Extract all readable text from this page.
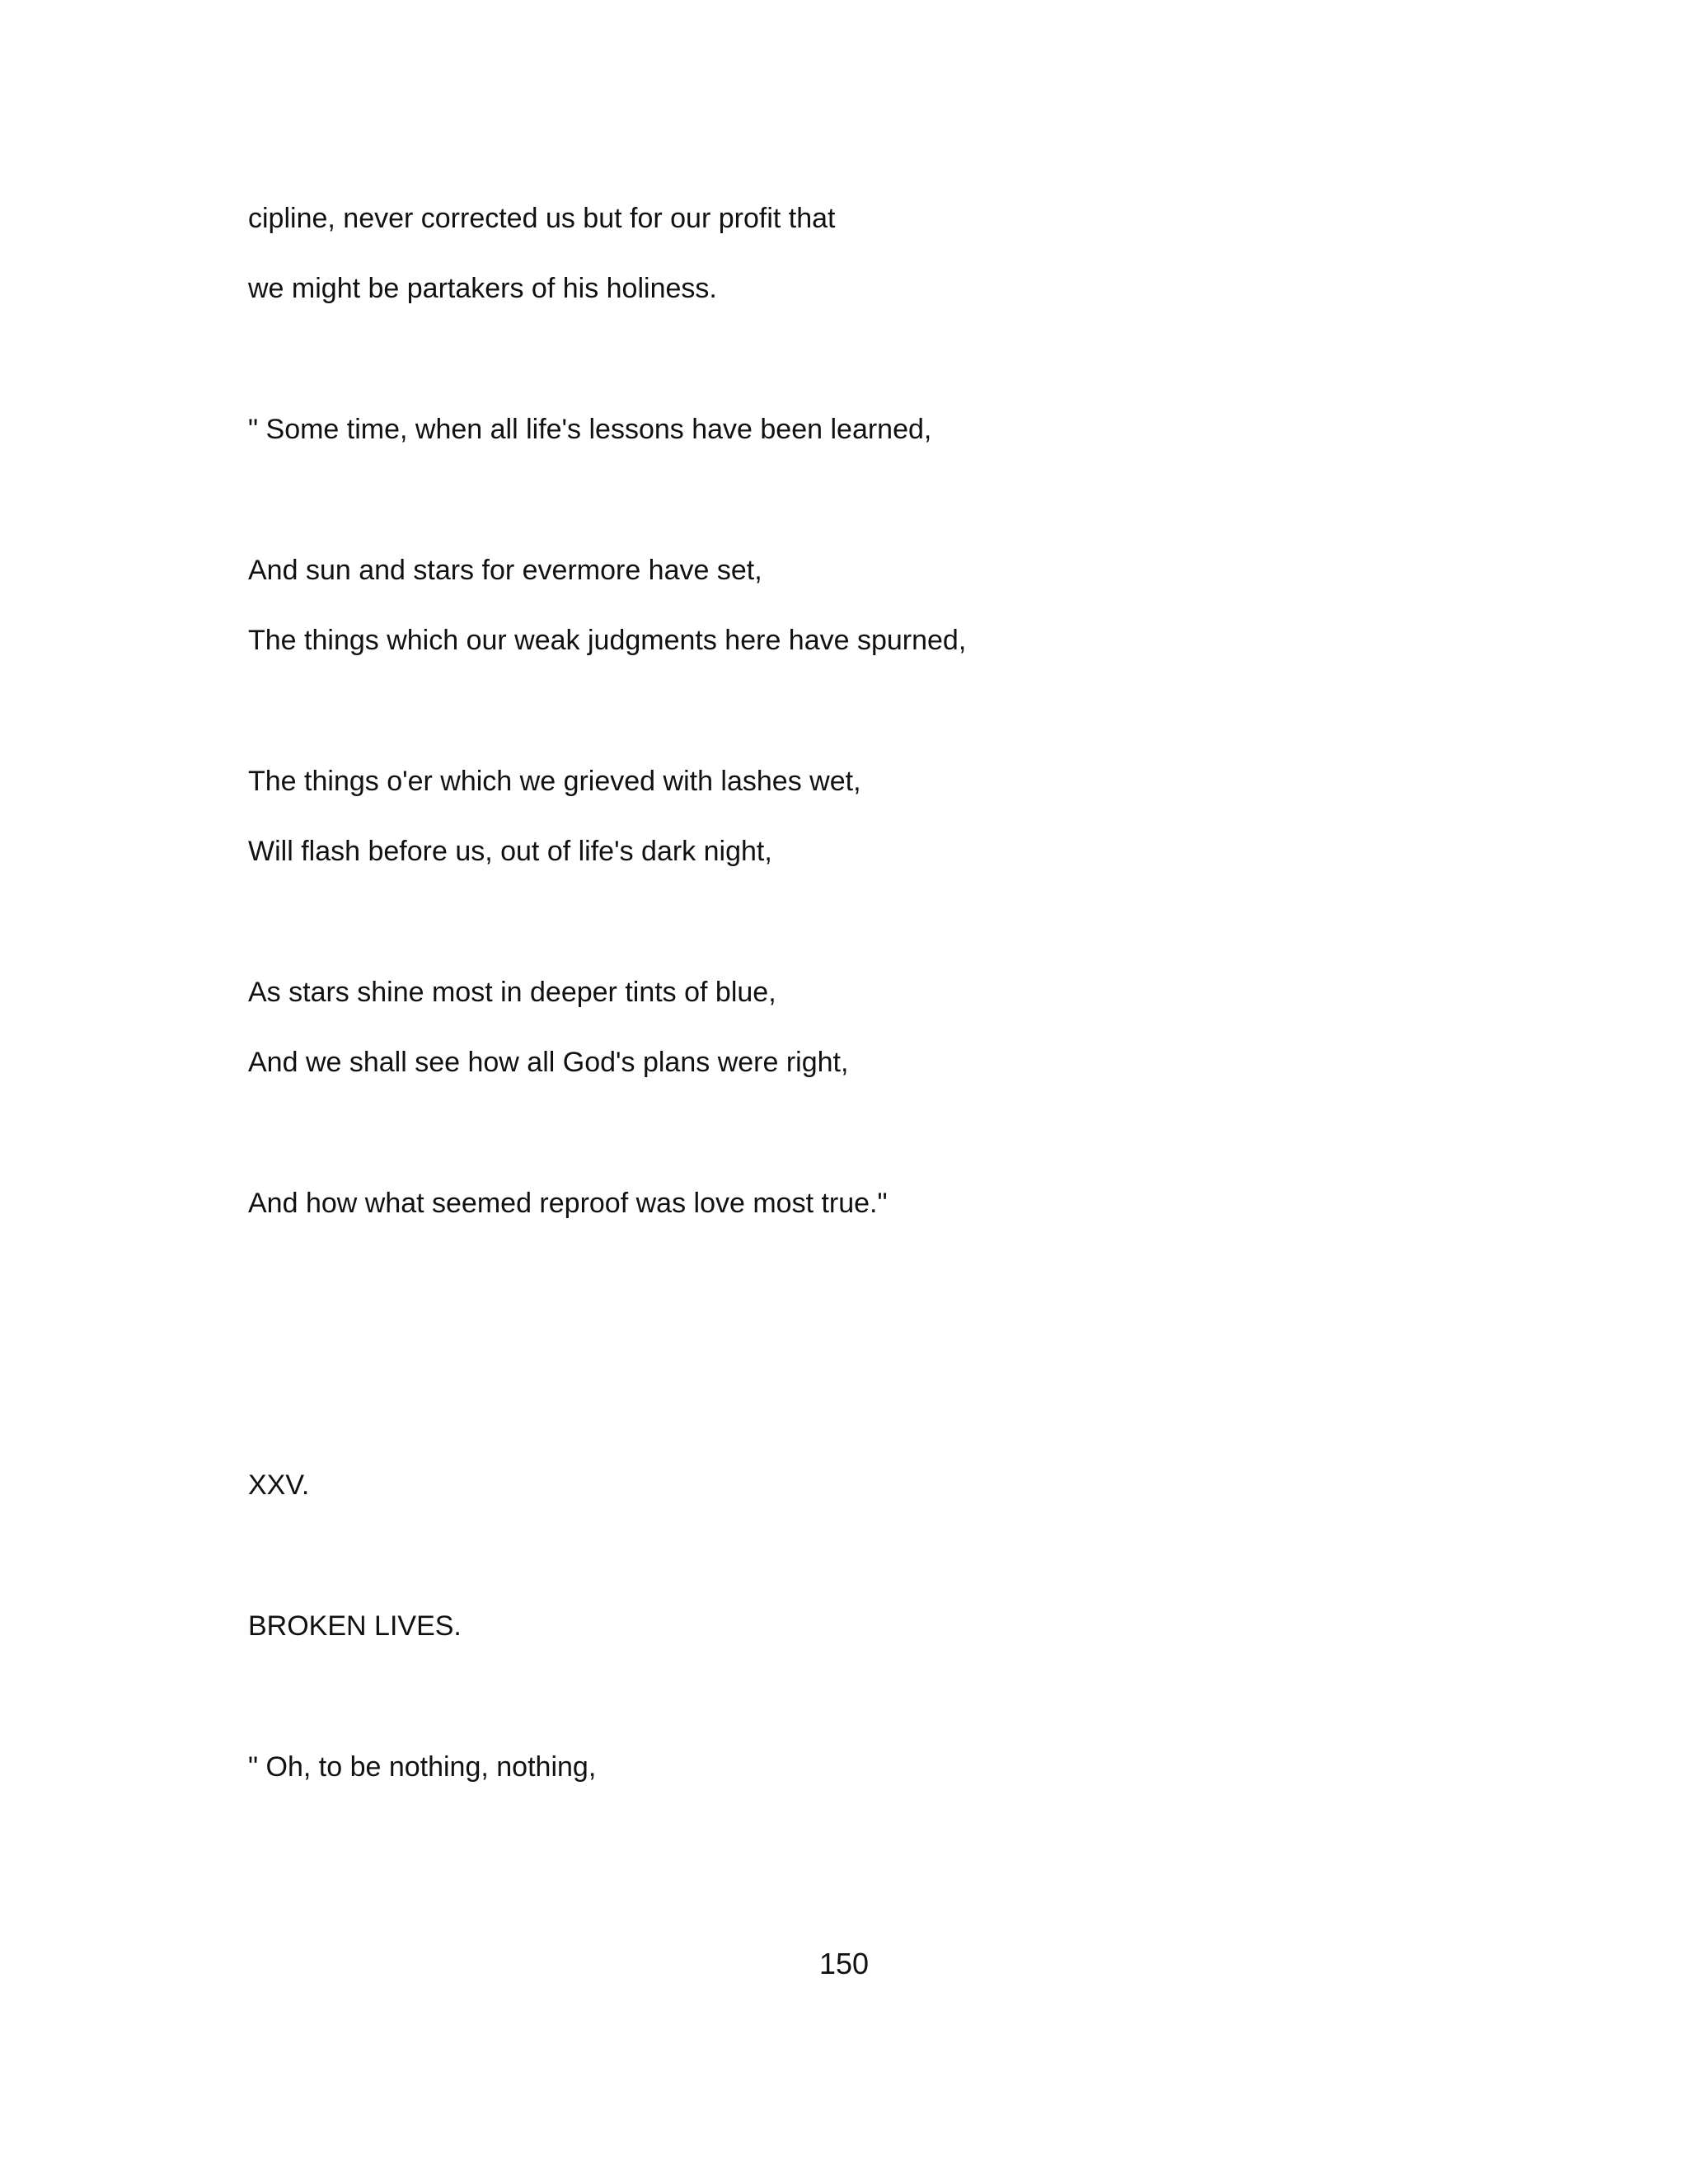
cipline, never corrected us but for our profit that

we might be partakers of his holiness.

" Some time, when all life's lessons have been learned,

And sun and stars for evermore have set,

The things which our weak judgments here have spurned,

The things o'er which we grieved with lashes wet,

Will flash before us, out of life's dark night,

As stars shine most in deeper tints of blue,

And we shall see how all God's plans were right,

And how what seemed reproof was love most true."

XXV.

BROKEN LIVES.

" Oh, to be nothing, nothing,

150
